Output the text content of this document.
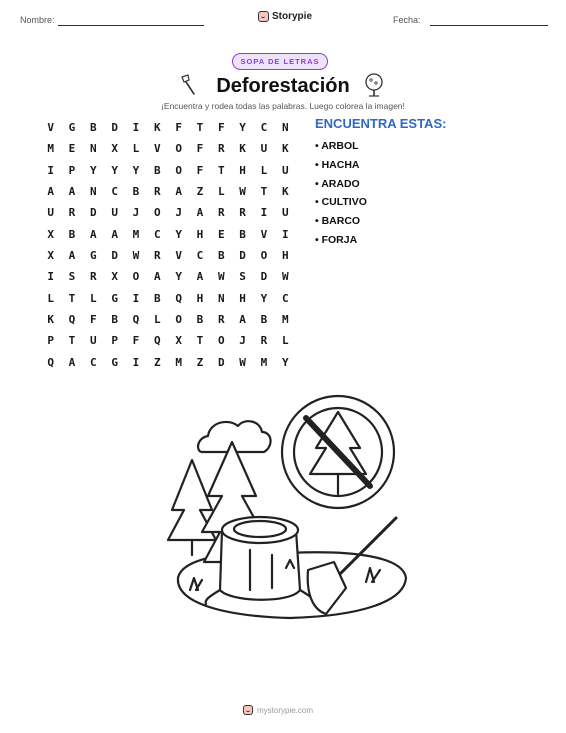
Nombre:	Storypie	Fecha:
SOPA DE LETRAS
Deforestación
¡Encuentra y rodea todas las palabras. Luego colorea la imagen!
V	G	B	D	I	K	F	T	F	Y	C	N
M	E	N	X	L	V	O	F	R	K	U	K
I	P	Y	Y	Y	B	O	F	T	H	L	U
A	A	N	C	B	R	A	Z	L	W	T	K
U	R	D	U	J	O	J	A	R	R	I	U
X	B	A	A	M	C	Y	H	E	B	V	I
X	A	G	D	W	R	V	C	B	D	O	H
I	S	R	X	O	A	Y	A	W	S	D	W
L	T	L	G	I	B	Q	H	N	H	Y	C
K	Q	F	B	Q	L	O	B	R	A	B	M
P	T	U	P	F	Q	X	T	O	J	R	L
Q	A	C	G	I	Z	M	Z	D	W	M	Y
ENCUENTRA ESTAS:
• ARBOL
• HACHA
• ARADO
• CULTIVO
• BARCO
• FORJA
mystorypie.com
